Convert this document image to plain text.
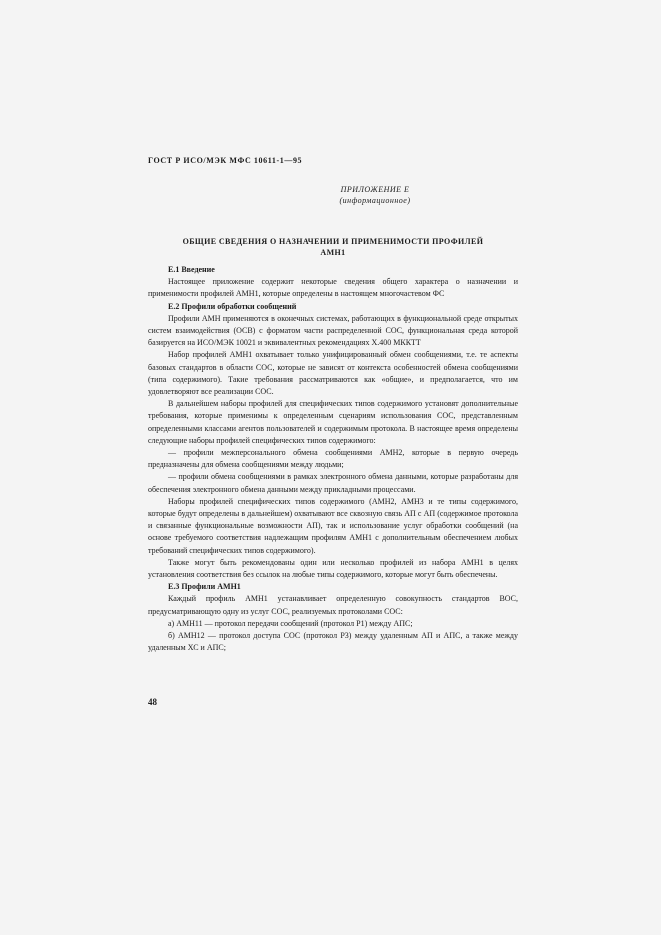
ГОСТ Р ИСО/МЭК МФС 10611-1—95
ПРИЛОЖЕНИЕ Е
(информационное)
ОБЩИЕ СВЕДЕНИЯ О НАЗНАЧЕНИИ И ПРИМЕНИМОСТИ ПРОФИЛЕЙ
АМН1

Е.1 Введение

Настоящее приложение содержит некоторые сведения общего характера о назначении и применимости профилей АМН1, которые определены в настоящем многочастевом ФС

Е.2 Профили обработки сообщений

Профили АМН применяются в оконечных системах, работающих в функциональной среде открытых систем взаимодействия (ОСВ) с форматом части распределенной СОС, функциональная среда которой базируется на ИСО/МЭК 10021 и эквивалентных рекомендациях Х.400 МККТТ

Набор профилей АМН1 охватывает только унифицированный обмен сообщениями, т.е. те аспекты базовых стандартов в области СОС, которые не зависят от контекста особенностей обмена сообщениями (типа содержимого). Такие требования рассматриваются как «общие», и предполагается, что им удовлетворяют все реализации СОС.

В дальнейшем наборы профилей для специфических типов содержимого установят дополнительные требования, которые применимы к определенным сценариям использования СОС, представленным определенными классами агентов пользователей и содержимым протокола. В настоящее время определены следующие наборы профилей специфических типов содержимого:

— профили межперсонального обмена сообщениями АМН2, которые в первую очередь предназначены для обмена сообщениями между людьми;

— профили обмена сообщениями в рамках электронного обмена данными, которые разработаны для обеспечения электронного обмена данными между прикладными процессами.

Наборы профилей специфических типов содержимого (АМН2, АМН3 и те типы содержимого, которые будут определены в дальнейшем) охватывают все сквозную связь АП с АП (содержимое протокола и связанные функциональные возможности АП), так и использование услуг обработки сообщений (на основе требуемого соответствия надлежащим профилям АМН1 с дополнительным обеспечением любых требований специфических типов содержимого).

Также могут быть рекомендованы один или несколько профилей из набора АМН1 в целях установления соответствия без ссылок на любые типы содержимого, которые могут быть обеспечены.

Е.3 Профили АМН1

Каждый профиль АМН1 устанавливает определенную совокупность стандартов ВОС, предусматривающую одну из услуг СОС, реализуемых протоколами СОС:

а) АМН11 — протокол передачи сообщений (протокол Р1) между АПС;

б) АМН12 — протокол доступа СОС (протокол Р3) между удаленным АП и АПС, а также между удаленным ХС и АПС;

48
